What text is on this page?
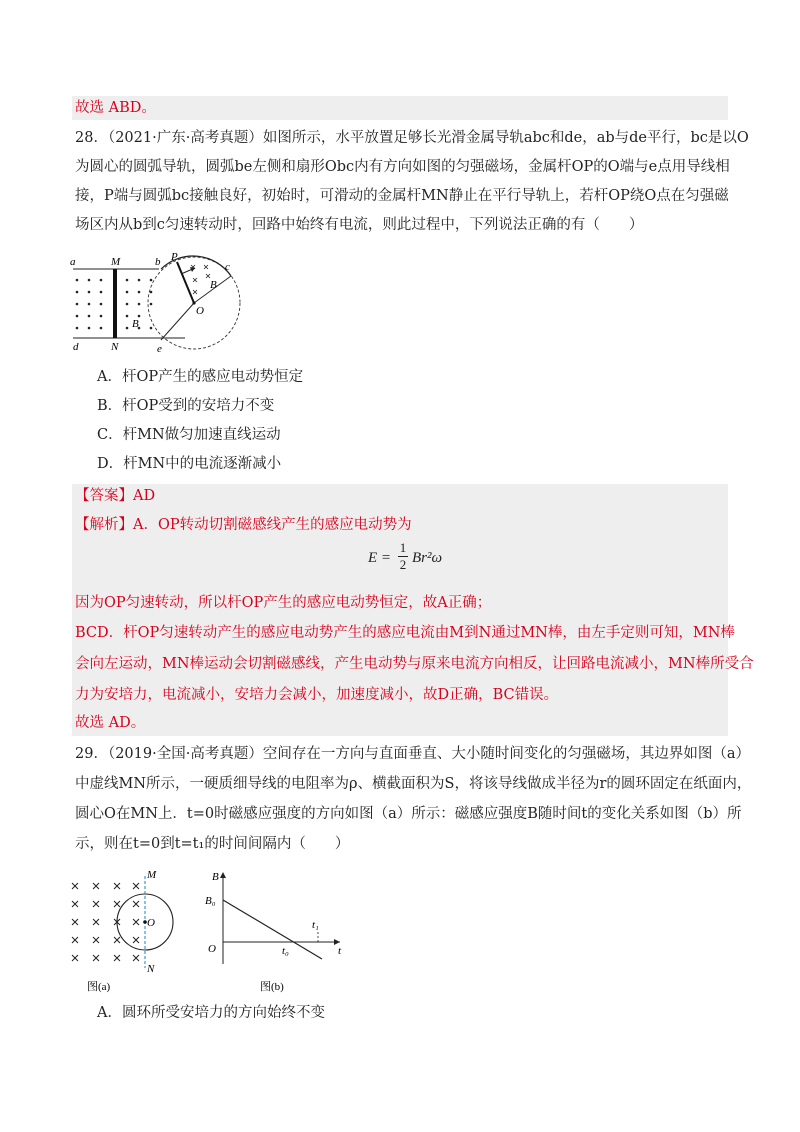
故选 ABD。
28．（2021·广东·高考真题）如图所示，水平放置足够长光滑金属导轨abc和de，ab与de平行，bc是以O
为圆心的圆弧导轨，圆弧be左侧和扇形Obc内有方向如图的匀强磁场，金属杆OP的O端与e点用导线相
接，P端与圆弧bc接触良好，初始时，可滑动的金属杆MN静止在平行导轨上，若杆OP绕O点在匀强磁
场区内从b到c匀速转动时，回路中始终有电流，则此过程中，下列说法正确的有（　　）
a	M	b P
c
B
O
B
d	N	e
A．杆OP产生的感应电动势恒定
B．杆OP受到的安培力不变
C．杆MN做匀加速直线运动
D．杆MN中的电流逐渐减小
【答案】AD
【解析】A．OP转动切割磁感线产生的感应电动势为
$E = \frac{1}{2} Br^2\omega$
因为OP匀速转动，所以杆OP产生的感应电动势恒定，故A正确；
BCD．杆OP匀速转动产生的感应电动势产生的感应电流由M到N通过MN棒，由左手定则可知，MN棒
会向左运动，MN棒运动会切割磁感线，产生电动势与原来电流方向相反，让回路电流减小，MN棒所受合
力为安培力，电流减小，安培力会减小，加速度减小，故D正确，BC错误。
故选 AD。
29．（2019·全国·高考真题）空间存在一方向与直面垂直、大小随时间变化的匀强磁场，其边界如图（a）
中虚线MN所示，一硬质细导线的电阻率为ρ、横截面积为S，将该导线做成半径为r的圆环固定在纸面内，
圆心O在MN上．t=0时磁感应强度的方向如图（a）所示：磁感应强度B随时间t的变化关系如图（b）所
示，则在t=0到t=t₁的时间间隔内（　　）
M
O
N
图(a)
B
B₀
O	t₀
t₁
t
图(b)
A．圆环所受安培力的方向始终不变
